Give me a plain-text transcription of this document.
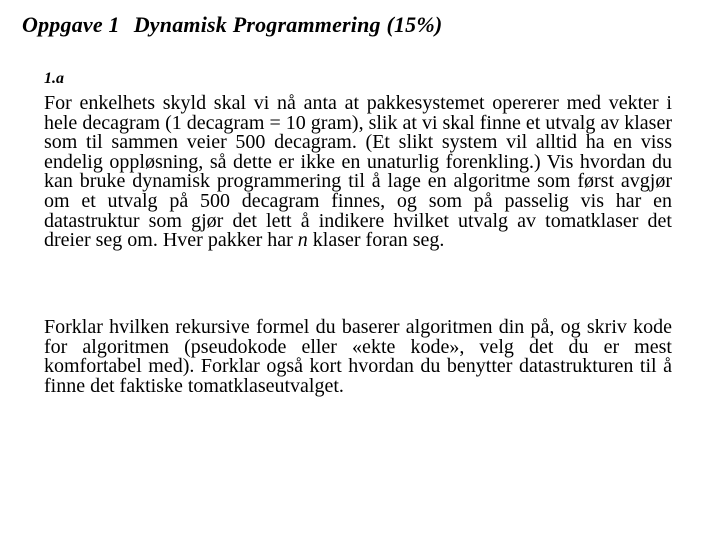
Oppgave 1 Dynamisk Programmering (15%)
1.a

For enkelhets skyld skal vi nå anta at pakkesystemet opererer med vekter i hele decagram (1 decagram = 10 gram), slik at vi skal finne et utvalg av klaser som til sammen veier 500 decagram. (Et slikt system vil alltid ha en viss endelig oppløsning, så dette er ikke en unaturlig forenkling.) Vis hvordan du kan bruke dynamisk programmering til å lage en algoritme som først avgjør om et utvalg på 500 decagram finnes, og som på passelig vis har en datastruktur som gjør det lett å indikere hvilket utvalg av tomatklaser det dreier seg om. Hver pakker har n klaser foran seg.

Forklar hvilken rekursive formel du baserer algoritmen din på, og skriv kode for algoritmen (pseudokode eller «ekte kode», velg det du er mest komfortabel med). Forklar også kort hvordan du benytter datastrukturen til å finne det faktiske tomatklaseutvalget.
